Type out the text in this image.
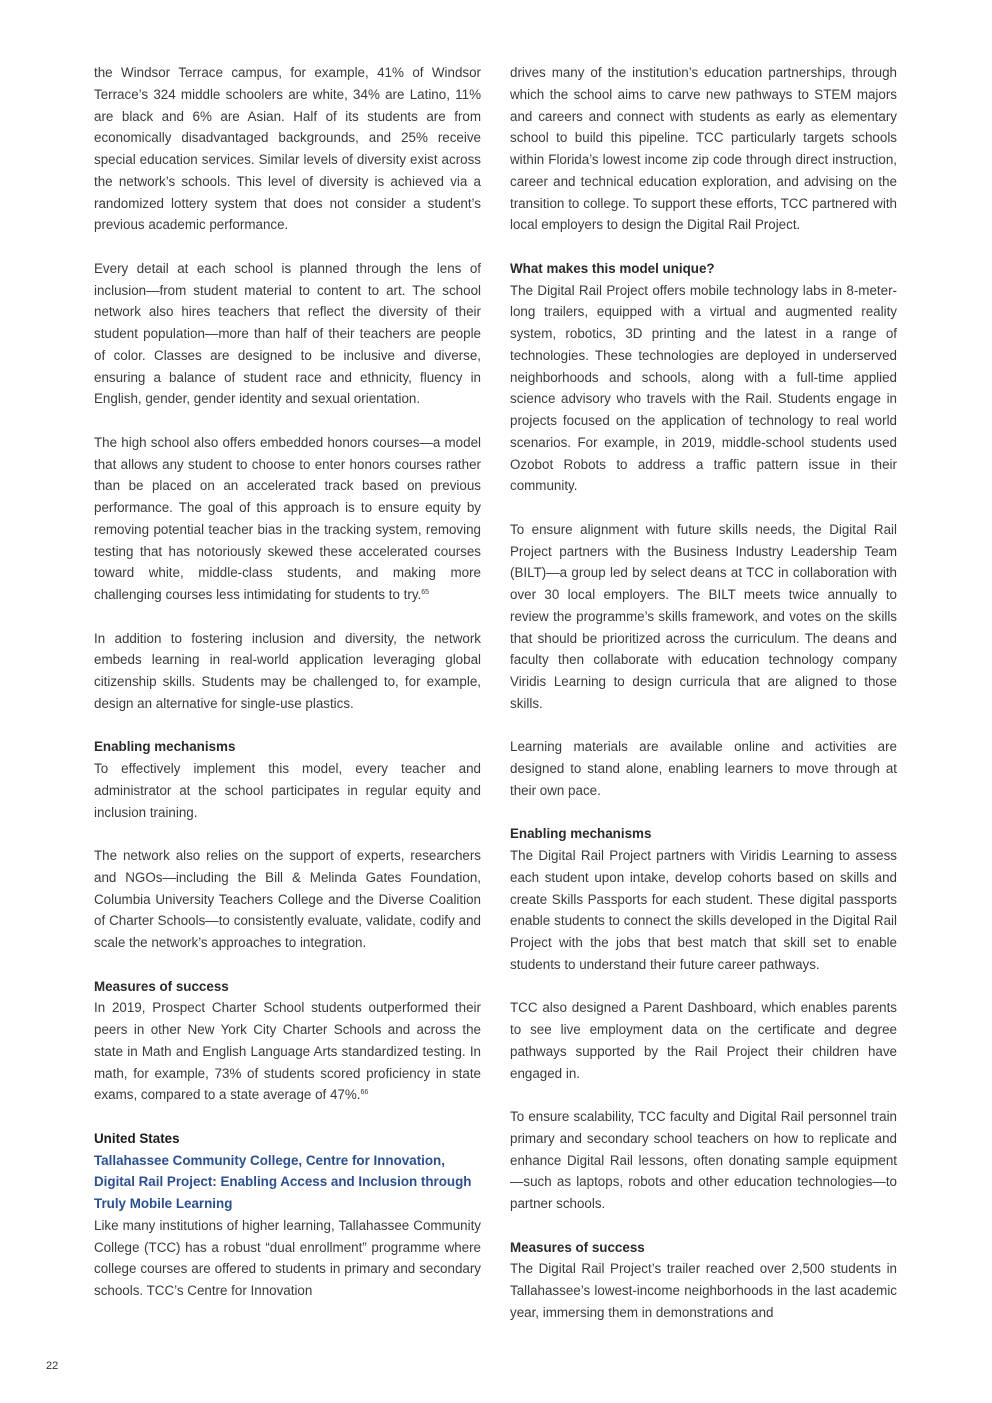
the Windsor Terrace campus, for example, 41% of Windsor Terrace’s 324 middle schoolers are white, 34% are Latino, 11% are black and 6% are Asian. Half of its students are from economically disadvantaged backgrounds, and 25% receive special education services. Similar levels of diversity exist across the network’s schools. This level of diversity is achieved via a randomized lottery system that does not consider a student’s previous academic performance.

Every detail at each school is planned through the lens of inclusion—from student material to content to art. The school network also hires teachers that reflect the diversity of their student population—more than half of their teachers are people of color. Classes are designed to be inclusive and diverse, ensuring a balance of student race and ethnicity, fluency in English, gender, gender identity and sexual orientation.

The high school also offers embedded honors courses—a model that allows any student to choose to enter honors courses rather than be placed on an accelerated track based on previous performance. The goal of this approach is to ensure equity by removing potential teacher bias in the tracking system, removing testing that has notoriously skewed these accelerated courses toward white, middle-class students, and making more challenging courses less intimidating for students to try.$^{65}$

In addition to fostering inclusion and diversity, the network embeds learning in real-world application leveraging global citizenship skills. Students may be challenged to, for example, design an alternative for single-use plastics.

Enabling mechanisms

To effectively implement this model, every teacher and administrator at the school participates in regular equity and inclusion training.

The network also relies on the support of experts, researchers and NGOs—including the Bill & Melinda Gates Foundation, Columbia University Teachers College and the Diverse Coalition of Charter Schools—to consistently evaluate, validate, codify and scale the network’s approaches to integration.

Measures of success

In 2019, Prospect Charter School students outperformed their peers in other New York City Charter Schools and across the state in Math and English Language Arts standardized testing. In math, for example, 73% of students scored proficiency in state exams, compared to a state average of 47%.$^{66}$

United States
Tallahassee Community College, Centre for Innovation, Digital Rail Project: Enabling Access and Inclusion through Truly Mobile Learning

Like many institutions of higher learning, Tallahassee Community College (TCC) has a robust “dual enrollment” programme where college courses are offered to students in primary and secondary schools. TCC’s Centre for Innovation

drives many of the institution’s education partnerships, through which the school aims to carve new pathways to STEM majors and careers and connect with students as early as elementary school to build this pipeline. TCC particularly targets schools within Florida’s lowest income zip code through direct instruction, career and technical education exploration, and advising on the transition to college. To support these efforts, TCC partnered with local employers to design the Digital Rail Project.

What makes this model unique?

The Digital Rail Project offers mobile technology labs in 8-meter-long trailers, equipped with a virtual and augmented reality system, robotics, 3D printing and the latest in a range of technologies. These technologies are deployed in underserved neighborhoods and schools, along with a full-time applied science advisory who travels with the Rail. Students engage in projects focused on the application of technology to real world scenarios. For example, in 2019, middle-school students used Ozobot Robots to address a traffic pattern issue in their community.

To ensure alignment with future skills needs, the Digital Rail Project partners with the Business Industry Leadership Team (BILT)—a group led by select deans at TCC in collaboration with over 30 local employers. The BILT meets twice annually to review the programme’s skills framework, and votes on the skills that should be prioritized across the curriculum. The deans and faculty then collaborate with education technology company Viridis Learning to design curricula that are aligned to those skills.

Learning materials are available online and activities are designed to stand alone, enabling learners to move through at their own pace.

Enabling mechanisms

The Digital Rail Project partners with Viridis Learning to assess each student upon intake, develop cohorts based on skills and create Skills Passports for each student. These digital passports enable students to connect the skills developed in the Digital Rail Project with the jobs that best match that skill set to enable students to understand their future career pathways.

TCC also designed a Parent Dashboard, which enables parents to see live employment data on the certificate and degree pathways supported by the Rail Project their children have engaged in.

To ensure scalability, TCC faculty and Digital Rail personnel train primary and secondary school teachers on how to replicate and enhance Digital Rail lessons, often donating sample equipment—such as laptops, robots and other education technologies—to partner schools.

Measures of success

The Digital Rail Project’s trailer reached over 2,500 students in Tallahassee’s lowest-income neighborhoods in the last academic year, immersing them in demonstrations and

22
